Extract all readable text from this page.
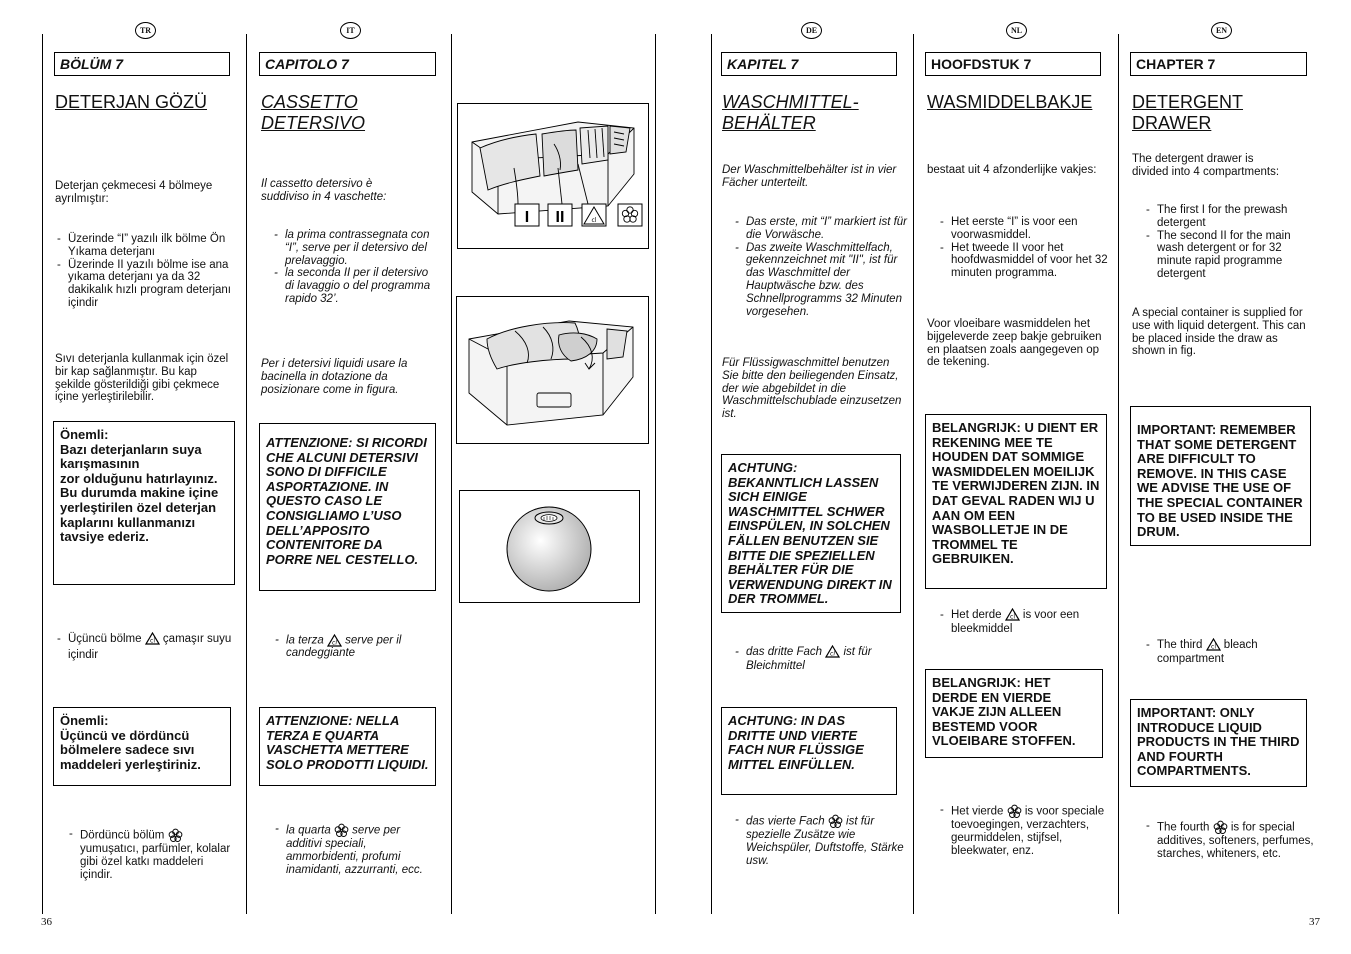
TR	IT	DE	NL	EN
BÖLÜM 7
DETERJAN GÖZÜ
Deterjan çekmecesi 4 bölmeye ayrılmıştır:
- Üzerinde “I” yazılı ilk bölme Ön Yıkama deterjanı
- Üzerinde II yazılı bölme ise ana yıkama deterjanı ya da 32 dakikalık hızlı program deterjanı içindir
Sıvı deterjanla kullanmak için özel bir kap sağlanmıştır. Bu kap şekilde gösterildiği gibi çekmece içine yerleştirilebilir.

Önemli:

Bazı deterjanların suya karışmasının

zor olduğunu hatırlayınız.

Bu durumda makine içine yerleştirilen özel deterjan kaplarını kullanmanızı tavsiye ederiz.

- Üçüncü bölme cl çamaşır suyu içindir

Önemli:

Üçüncü ve dördüncü bölmelere sadece sıvı maddeleri yerleştiriniz.

- Dördüncü bölüm  yumuşatıcı, parfümler, kolalar gibi özel katkı maddeleri içindir.
CAPITOLO 7
CASSETTO DETERSIVO
Il cassetto detersivo è suddiviso in 4 vaschette:
- la prima contrassegnata con “I”, serve per il detersivo del prelavaggio.
- la seconda II per il detersivo di lavaggio o del programma rapido 32’.
Per i detersivi liquidi usare la bacinella in dotazione da posizionare come in figura.
ATTENZIONE: SI RICORDI CHE ALCUNI DETERSIVI SONO DI DIFFICILE ASPORTAZIONE. IN QUESTO CASO LE CONSIGLIAMO L’USO DELL’APPOSITO CONTENITORE DA PORRE NEL CESTELLO.
- la terza cl serve per il candeggiante
ATTENZIONE: NELLA TERZA E QUARTA VASCHETTA METTERE SOLO PRODOTTI LIQUIDI.
- la quarta serve per additivi speciali, ammorbidenti, profumi inamidanti, azzurranti, ecc.
I II	cl
KAPITEL 7
WASCHMITTEL- BEHÄLTER
Der Waschmittelbehälter ist in vier Fächer unterteilt.
- Das erste, mit “I” markiert ist für die Vorwäsche.
- Das zweite Waschmittelfach, gekennzeichnet mit "II", ist für das Waschmittel der Hauptwäsche bzw. des Schnellprogramms 32 Minuten vorgesehen.
Für Flüssigwaschmittel benutzen Sie bitte den beiliegenden Einsatz, der wie abgebildet in die Waschmittelschublade einzusetzen ist.
ACHTUNG: BEKANNTLICH LASSEN SICH EINIGE WASCHMITTEL SCHWER EINSPÜLEN, IN SOLCHEN FÄLLEN BENUTZEN SIE BITTE DIE SPEZIELLEN BEHÄLTER FÜR DIE VERWENDUNG DIREKT IN DER TROMMEL.
- das dritte Fach cl ist für Bleichmittel
ACHTUNG: IN DAS DRITTE UND VIERTE FACH NUR FLÜSSIGE MITTEL EINFÜLLEN.
- das vierte Fach ist für spezielle Zusätze wie Weichspüler, Duftstoffe, Stärke usw.
HOOFDSTUK 7
WASMIDDELBAKJE
bestaat uit 4 afzonderlijke vakjes:
- Het eerste “I” is voor een voorwasmiddel.
- Het tweede II voor het hoofdwasmiddel of voor het 32 minuten programma.
Voor vloeibare wasmiddelen het bijgeleverde zeep bakje gebruiken en plaatsen zoals aangegeven op de tekening.
BELANGRIJK: U DIENT ER REKENING MEE TE HOUDEN DAT SOMMIGE WASMIDDELEN MOEILIJK TE VERWIJDEREN ZIJN. IN DAT GEVAL RADEN WIJ U AAN OM EEN WASBOLLETJE IN DE TROMMEL TE GEBRUIKEN.
- Het derde cl is voor een bleekmiddel
BELANGRIJK: HET DERDE EN VIERDE VAKJE ZIJN ALLEEN BESTEMD VOOR VLOEIBARE STOFFEN.
- Het vierde is voor speciale toevoegingen, verzachters, geurmiddelen, stijfsel, bleekwater, enz.
CHAPTER 7
DETERGENT DRAWER
The detergent drawer is divided into 4 compartments:
- The first I for the prewash detergent
- The second II for the main wash detergent or for 32 minute rapid programme detergent
A special container is supplied for use with liquid detergent. This can be placed inside the draw as shown in fig.
IMPORTANT: REMEMBER THAT SOME DETERGENT ARE DIFFICULT TO REMOVE. IN THIS CASE WE ADVISE THE USE OF THE SPECIAL CONTAINER TO BE USED INSIDE THE DRUM.
- The third cl bleach compartment
IMPORTANT: ONLY INTRODUCE LIQUID PRODUCTS IN THE THIRD AND FOURTH COMPARTMENTS.
- The fourth is for special additives, softeners, perfumes, starches, whiteners, etc.
36	37
